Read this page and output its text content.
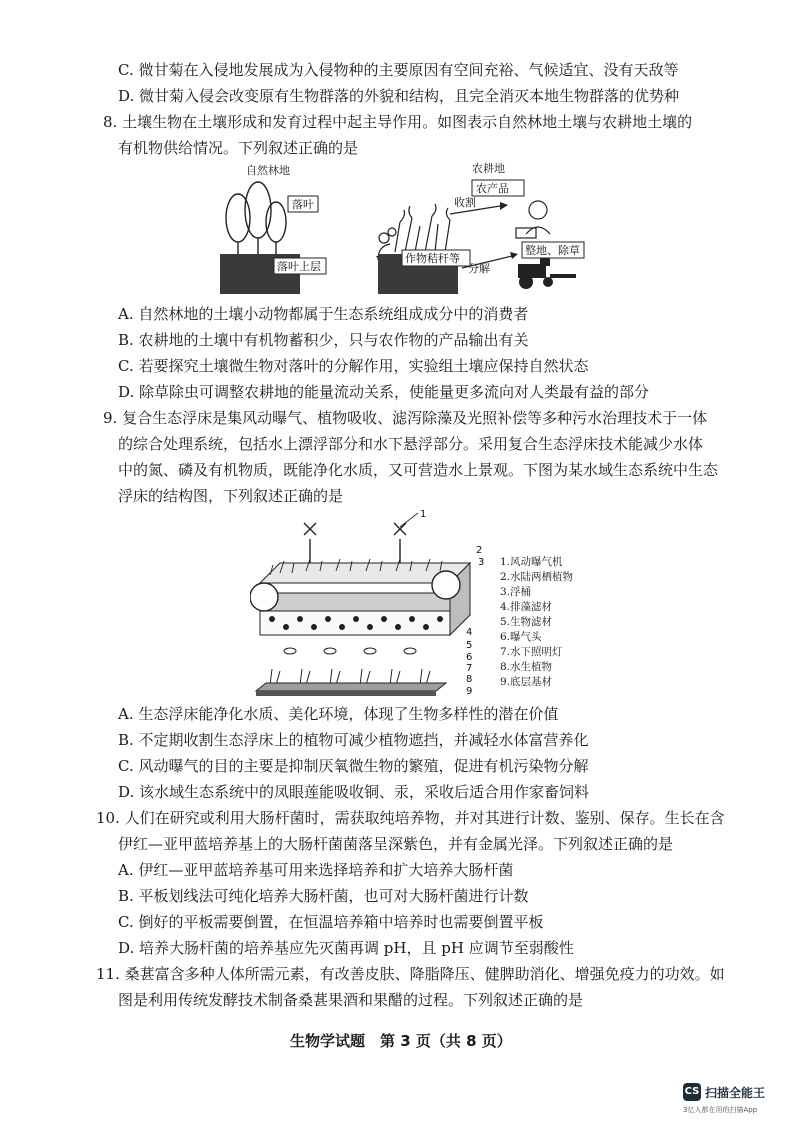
C. 微甘菊在入侵地发展成为入侵物种的主要原因有空间充裕、气候适宜、没有天敌等
D. 微甘菊入侵会改变原有生物群落的外貌和结构，且完全消灭本地生物群落的优势种
8. 土壤生物在土壤形成和发育过程中起主导作用。如图表示自然林地土壤与农耕地土壤的
有机物供给情况。下列叙述正确的是
自然林地
落叶
落叶上层
农耕地
作物秸秆等
收割
农产品
分解
整地、除草
A. 自然林地的土壤小动物都属于生态系统组成成分中的消费者
B. 农耕地的土壤中有机物蓄积少，只与农作物的产品输出有关
C. 若要探究土壤微生物对落叶的分解作用，实验组土壤应保持自然状态
D. 除草除虫可调整农耕地的能量流动关系，使能量更多流向对人类最有益的部分
9. 复合生态浮床是集风动曝气、植物吸收、滤泻除藻及光照补偿等多种污水治理技术于一体
的综合处理系统，包括水上漂浮部分和水下悬浮部分。采用复合生态浮床技术能减少水体
中的氮、磷及有机物质，既能净化水质，又可营造水上景观。下图为某水域生态系统中生态
浮床的结构图，下列叙述正确的是
1
2
3
4
5
6
7
8
9
1.风动曝气机
2.水陆两栖植物
3.浮桶
4.排藻滤材
5.生物滤材
6.曝气头
7.水下照明灯
8.水生植物
9.底层基材
A. 生态浮床能净化水质、美化环境，体现了生物多样性的潜在价值
B. 不定期收割生态浮床上的植物可减少植物遮挡，并减轻水体富营养化
C. 风动曝气的目的主要是抑制厌氧微生物的繁殖，促进有机污染物分解
D. 该水域生态系统中的凤眼莲能吸收铜、汞，采收后适合用作家畜饲料
10. 人们在研究或利用大肠杆菌时，需获取纯培养物，并对其进行计数、鉴别、保存。生长在含
伊红—亚甲蓝培养基上的大肠杆菌菌落呈深紫色，并有金属光泽。下列叙述正确的是
A. 伊红—亚甲蓝培养基可用来选择培养和扩大培养大肠杆菌
B. 平板划线法可纯化培养大肠杆菌，也可对大肠杆菌进行计数
C. 倒好的平板需要倒置，在恒温培养箱中培养时也需要倒置平板
D. 培养大肠杆菌的培养基应先灭菌再调 pH，且 pH 应调节至弱酸性
11. 桑葚富含多种人体所需元素，有改善皮肤、降脂降压、健脾助消化、增强免疫力的功效。如
图是利用传统发酵技术制备桑葚果酒和果醋的过程。下列叙述正确的是
生物学试题　第 3 页（共 8 页）
CS 扫描全能王
3亿人都在用的扫描App
